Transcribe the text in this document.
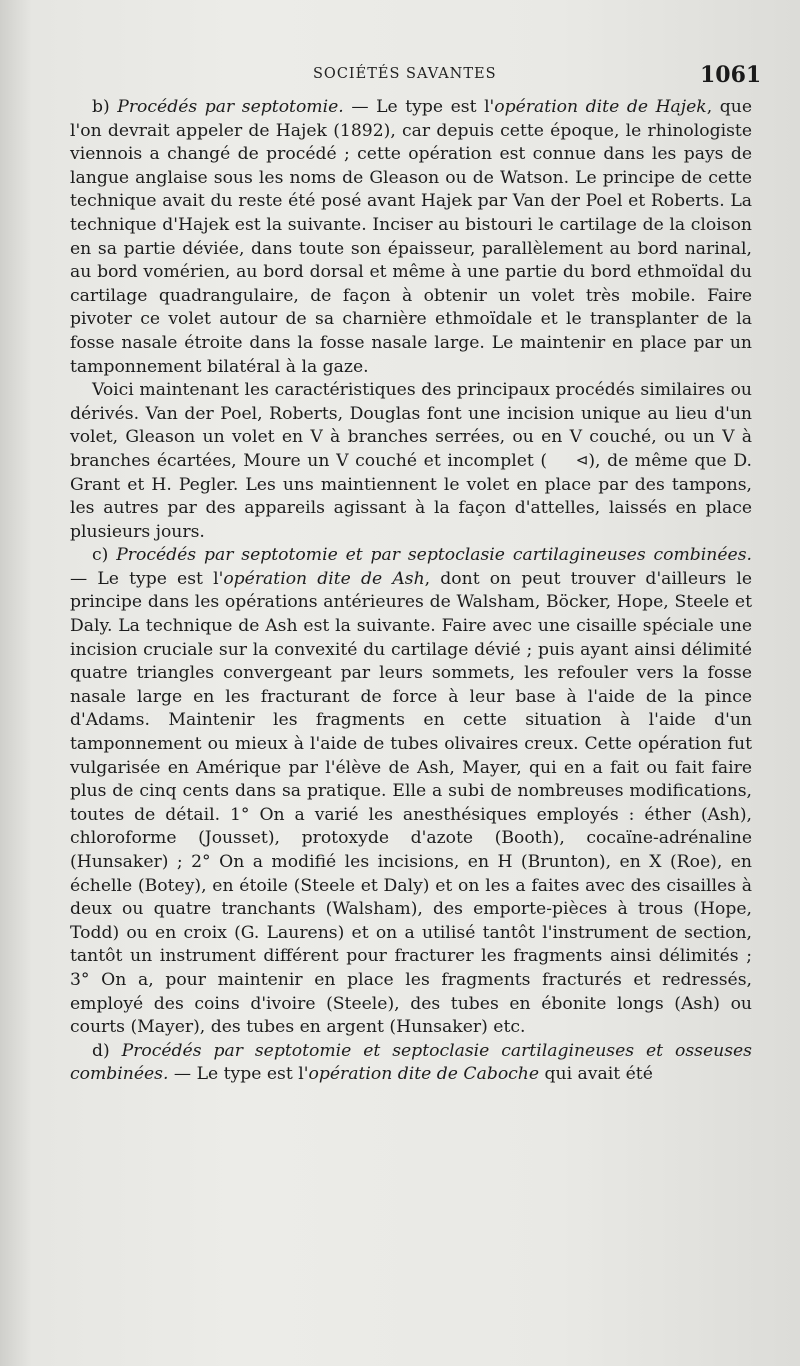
SOCIÉTÉS SAVANTES	1061

b) Procédés par septotomie. — Le type est l'opération dite de Hajek, que l'on devrait appeler de Hajek (1892), car depuis cette époque, le rhinologiste viennois a changé de procédé ; cette opération est connue dans les pays de langue anglaise sous les noms de Gleason ou de Watson. Le principe de cette technique avait du reste été posé avant Hajek par Van der Poel et Roberts. La technique d'Hajek est la suivante. Inciser au bistouri le cartilage de la cloison en sa partie déviée, dans toute son épaisseur, parallèlement au bord narinal, au bord vomérien, au bord dorsal et même à une partie du bord ethmoïdal du cartilage quadrangulaire, de façon à obtenir un volet très mobile. Faire pivoter ce volet autour de sa charnière ethmoïdale et le transplanter de la fosse nasale étroite dans la fosse nasale large. Le maintenir en place par un tamponnement bilatéral à la gaze.

Voici maintenant les caractéristiques des principaux procédés similaires ou dérivés. Van der Poel, Roberts, Douglas font une incision unique au lieu d'un volet, Gleason un volet en V à branches serrées, ou en V couché, ou un V à branches écartées, Moure un V couché et incomplet ( ⊲), de même que D. Grant et H. Pegler. Les uns maintiennent le volet en place par des tampons, les autres par des appareils agissant à la façon d'attelles, laissés en place plusieurs jours.

c) Procédés par septotomie et par septoclasie cartilagineuses combinées. — Le type est l'opération dite de Ash, dont on peut trouver d'ailleurs le principe dans les opérations antérieures de Walsham, Böcker, Hope, Steele et Daly. La technique de Ash est la suivante. Faire avec une cisaille spéciale une incision cruciale sur la convexité du cartilage dévié ; puis ayant ainsi délimité quatre triangles convergeant par leurs sommets, les refouler vers la fosse nasale large en les fracturant de force à leur base à l'aide de la pince d'Adams. Maintenir les fragments en cette situation à l'aide d'un tamponnement ou mieux à l'aide de tubes olivaires creux. Cette opération fut vulgarisée en Amérique par l'élève de Ash, Mayer, qui en a fait ou fait faire plus de cinq cents dans sa pratique. Elle a subi de nombreuses modifications, toutes de détail. 1° On a varié les anesthésiques employés : éther (Ash), chloroforme (Jousset), protoxyde d'azote (Booth), cocaïne-adrénaline (Hunsaker) ; 2° On a modifié les incisions, en H (Brunton), en X (Roe), en échelle (Botey), en étoile (Steele et Daly) et on les a faites avec des cisailles à deux ou quatre tranchants (Walsham), des emporte-pièces à trous (Hope, Todd) ou en croix (G. Laurens) et on a utilisé tantôt l'instrument de section, tantôt un instrument différent pour fracturer les fragments ainsi délimités ; 3° On a, pour maintenir en place les fragments fracturés et redressés, employé des coins d'ivoire (Steele), des tubes en ébonite longs (Ash) ou courts (Mayer), des tubes en argent (Hunsaker) etc.

d) Procédés par septotomie et septoclasie cartilagineuses et osseuses combinées. — Le type est l'opération dite de Caboche qui avait été
